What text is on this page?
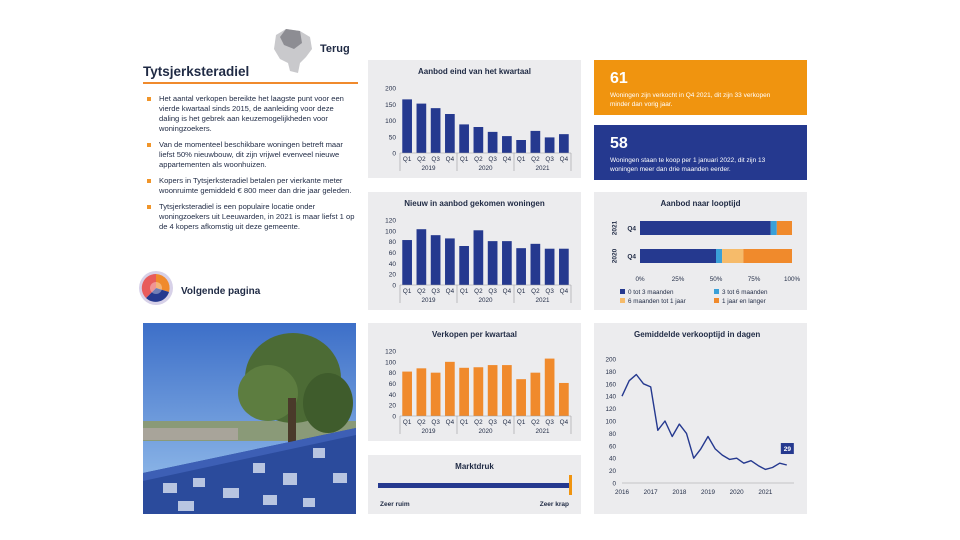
Terug
Tytsjerksteradiel
Het aantal verkopen bereikte het laagste punt voor een vierde kwartaal sinds 2015, de aanleiding voor deze daling is het gebrek aan keuzemogelijkheden voor woningzoekers.
Van de momenteel beschikbare woningen betreft maar liefst 50% nieuwbouw, dit zijn vrijwel evenveel nieuwe appartementen als woonhuizen.
Kopers in Tytsjerksteradiel betalen per vierkante meter woonruimte gemiddeld € 800 meer dan drie jaar geleden.
Tytsjerksteradiel is een populaire locatie onder woningzoekers uit Leeuwarden, in 2021 is maar liefst 1 op de 4 kopers afkomstig uit deze gemeente.
Volgende pagina
Aanbod eind van het kwartaal
0
50
100
150
200
Q1 Q2 Q3 Q4 Q1 Q2 Q3 Q4 Q1 Q2 Q3 Q4
2019	2020	2021
Nieuw in aanbod gekomen woningen
0
20
40
60
80
100
120
Q1 Q2 Q3 Q4 Q1 Q2 Q3 Q4 Q1 Q2 Q3 Q4
2019	2020	2021
Verkopen per kwartaal
0
20
40
60
80
100
120
Q1 Q2 Q3 Q4 Q1 Q2 Q3 Q4 Q1 Q2 Q3 Q4
2019	2020	2021
Marktdruk
Zeer ruim	Zeer krap
61
Woningen zijn verkocht in Q4 2021, dit zijn 33 verkopen minder dan vorig jaar.
58
Woningen staan te koop per 1 januari 2022, dit zijn 13 woningen meer dan drie maanden eerder.
Aanbod naar looptijd
Q4
2021
Q4
2020
0%	25%	50%	75%	100%
0 tot 3 maanden	3 tot 6 maanden
6 maanden tot 1 jaar	1 jaar en langer
Gemiddelde verkooptijd in dagen
0
20
40
60
80
100
120
140
160
180
200
2016 2017 2018 2019 2020 2021
29
